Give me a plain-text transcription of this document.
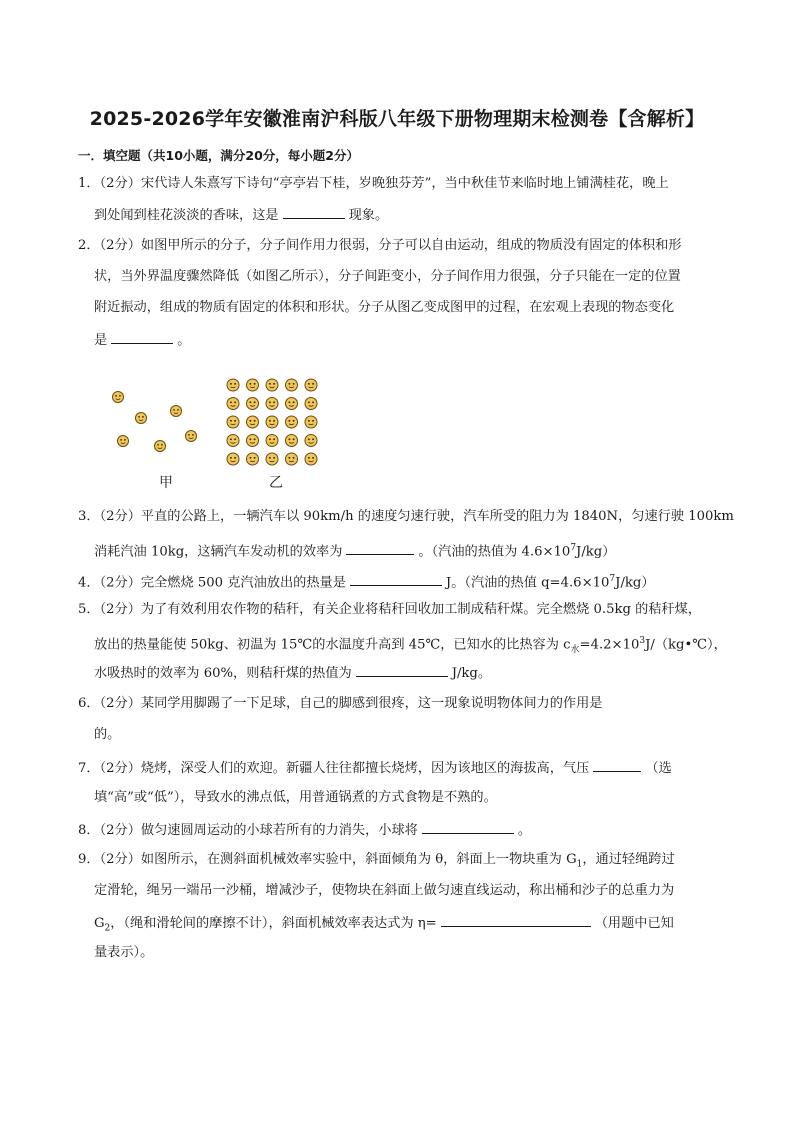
2025-2026学年安徽淮南沪科版八年级下册物理期末检测卷【含解析】
一．填空题（共10小题，满分20分，每小题2分）
1．（2分）宋代诗人朱熹写下诗句“亭亭岩下桂，岁晚独芬芳”，当中秋佳节来临时地上铺满桂花，晚上
到处闻到桂花淡淡的香味，这是	现象。
2．（2分）如图甲所示的分子，分子间作用力很弱，分子可以自由运动，组成的物质没有固定的体积和形
状，当外界温度骤然降低（如图乙所示），分子间距变小，分子间作用力很强，分子只能在一定的位置
附近振动，组成的物质有固定的体积和形状。分子从图乙变成图甲的过程，在宏观上表现的物态变化
是	。
甲	乙
3．（2分）平直的公路上，一辆汽车以 90km/h 的速度匀速行驶，汽车所受的阻力为 1840N，匀速行驶 100km
消耗汽油 10kg，这辆汽车发动机的效率为	。（汽油的热值为 $4.6\times 10^7J/kg$）
4．（2分）完全燃烧 500 克汽油放出的热量是	J。（汽油的热值 $q=4.6\times 10^7J/kg$）
5．（2分）为了有效利用农作物的秸秆，有关企业将秸秆回收加工制成秸秆煤。完全燃烧 0.5kg 的秸秆煤，
放出的热量能使 50kg、初温为 15℃的水温度升高到 45℃，已知水的比热容为 $c_水=4.2\times 10^3J/(kg•℃)$，
水吸热时的效率为 60%，则秸秆煤的热值为	J/kg。
6．（2分）某同学用脚踢了一下足球，自己的脚感到很疼，这一现象说明物体间力的作用是
的。
7．（2分）烧烤，深受人们的欢迎。新疆人往往都擅长烧烤，因为该地区的海拔高，气压	（选
填“高”或“低”），导致水的沸点低，用普通锅煮的方式食物是不熟的。
8．（2分）做匀速圆周运动的小球若所有的力消失，小球将	。
9．（2分）如图所示，在测斜面机械效率实验中，斜面倾角为 θ，斜面上一物块重为 $G_1$，通过轻绳跨过
定滑轮，绳另一端吊一沙桶，增减沙子，使物块在斜面上做匀速直线运动，称出桶和沙子的总重力为
$G_2$，（绳和滑轮间的摩擦不计），斜面机械效率表达式为 η=	（用题中已知
量表示）。
